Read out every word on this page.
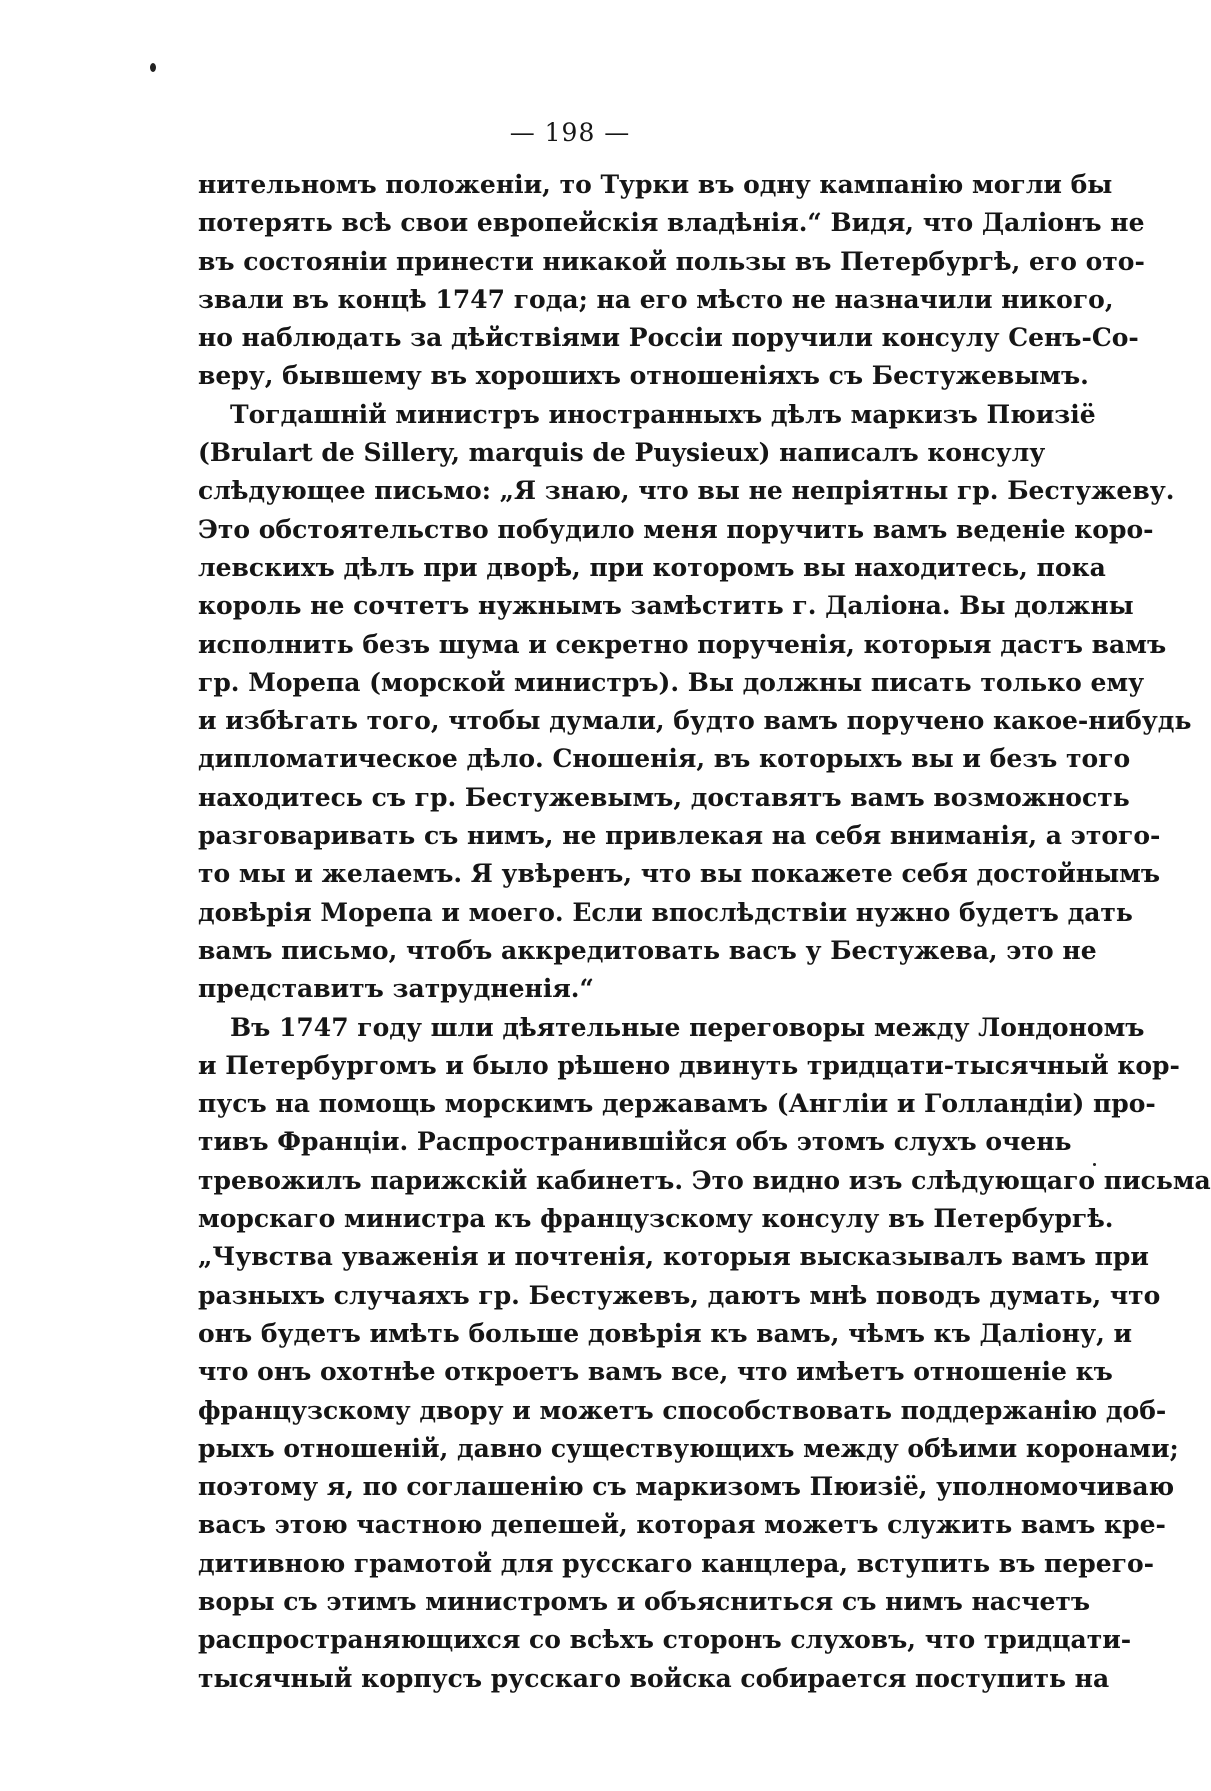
— 198 —
нительномъ положеніи, то Турки въ одну кампанію могли бы
потерять всѣ свои европейскія владѣнія.“ Видя, что Даліонъ не
въ состояніи принести никакой пользы въ Петербургѣ, его ото-
звали въ концѣ 1747 года; на его мѣсто не назначили никого,
но наблюдать за дѣйствіями Россіи поручили консулу Сенъ-Со-
веру, бывшему въ хорошихъ отношеніяхъ съ Бестужевымъ.
Тогдашній министръ иностранныхъ дѣлъ маркизъ Пюизіё
(Brulart de Sillery, marquis de Puysieux) написалъ консулу
слѣдующее письмо: „Я знаю, что вы не непріятны гр. Бестужеву.
Это обстоятельство побудило меня поручить вамъ веденіе коро-
левскихъ дѣлъ при дворѣ, при которомъ вы находитесь, пока
король не сочтетъ нужнымъ замѣстить г. Даліона. Вы должны
исполнить безъ шума и секретно порученія, которыя дастъ вамъ
гр. Морепа (морской министръ). Вы должны писать только ему
и избѣгать того, чтобы думали, будто вамъ поручено какое-нибудь
дипломатическое дѣло. Сношенія, въ которыхъ вы и безъ того
находитесь съ гр. Бестужевымъ, доставятъ вамъ возможность
разговаривать съ нимъ, не привлекая на себя вниманія, а этого-
то мы и желаемъ. Я увѣренъ, что вы покажете себя достойнымъ
довѣрія Морепа и моего. Если впослѣдствіи нужно будетъ дать
вамъ письмо, чтобъ аккредитовать васъ у Бестужева, это не
представитъ затрудненія.“
Въ 1747 году шли дѣятельные переговоры между Лондономъ
и Петербургомъ и было рѣшено двинуть тридцати-тысячный кор-
пусъ на помощь морскимъ державамъ (Англіи и Голландіи) про-
тивъ Франціи. Распространившійся объ этомъ слухъ очень
тревожилъ парижскій кабинетъ. Это видно изъ слѣдующаго письма
морскаго министра къ французскому консулу въ Петербургѣ.
„Чувства уваженія и почтенія, которыя высказывалъ вамъ при
разныхъ случаяхъ гр. Бестужевъ, даютъ мнѣ поводъ думать, что
онъ будетъ имѣть больше довѣрія къ вамъ, чѣмъ къ Даліону, и
что онъ охотнѣе откроетъ вамъ все, что имѣетъ отношеніе къ
французскому двору и можетъ способствовать поддержанію доб-
рыхъ отношеній, давно существующихъ между обѣими коронами;
поэтому я, по соглашенію съ маркизомъ Пюизіё, уполномочиваю
васъ этою частною депешей, которая можетъ служить вамъ кре-
дитивною грамотой для русскаго канцлера, вступить въ перего-
воры съ этимъ министромъ и объясниться съ нимъ насчетъ
распространяющихся со всѣхъ сторонъ слуховъ, что тридцати-
тысячный корпусъ русскаго войска собирается поступить на
